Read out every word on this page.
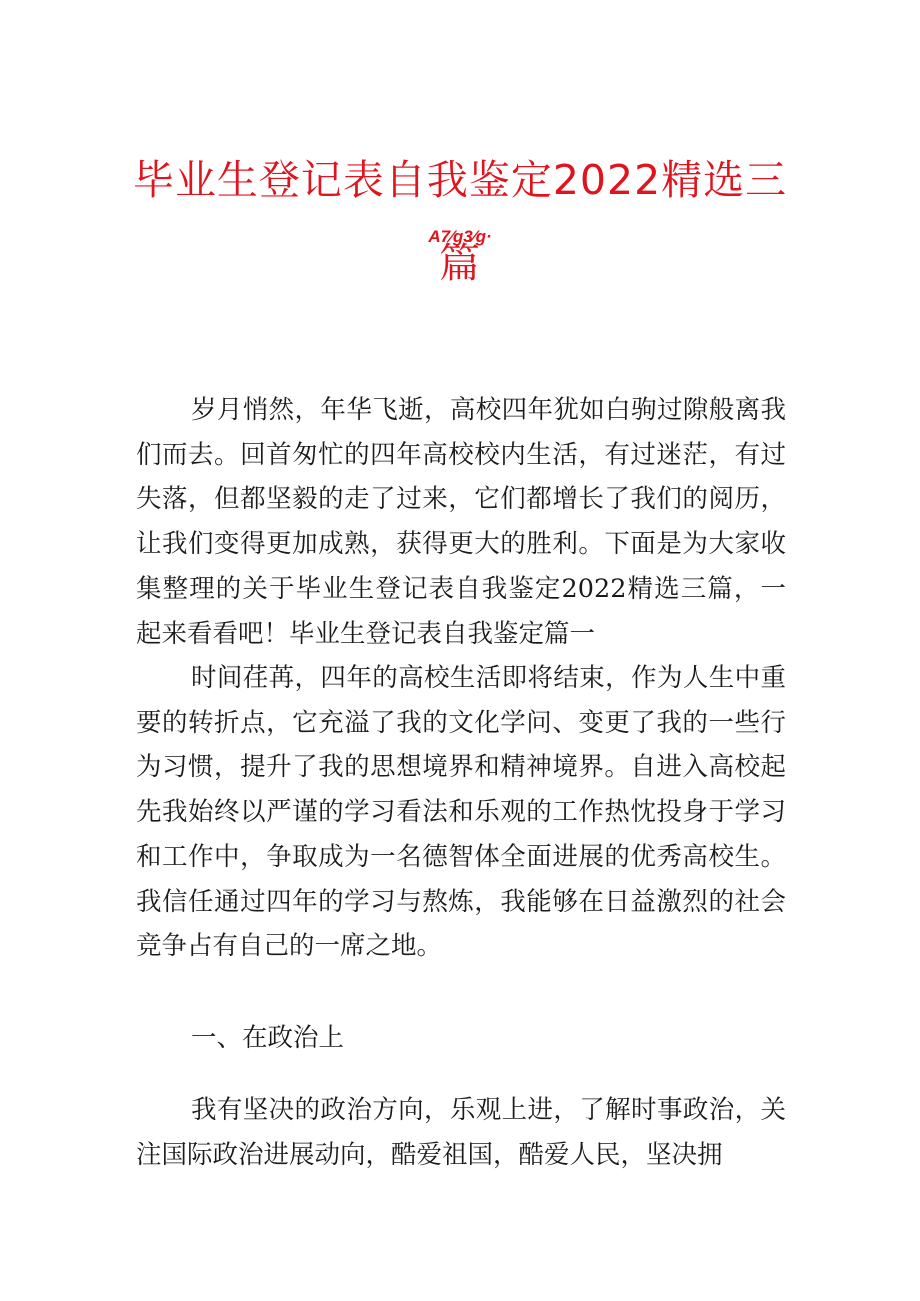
毕业生登记表自我鉴定2022精选三
A7⁄g3⁄g·
篇

岁月悄然，年华飞逝，高校四年犹如白驹过隙般离我们而去。回首匆忙的四年高校校内生活，有过迷茫，有过失落，但都坚毅的走了过来，它们都增长了我们的阅历，让我们变得更加成熟，获得更大的胜利。下面是为大家收集整理的关于毕业生登记表自我鉴定2022精选三篇，一起来看看吧！毕业生登记表自我鉴定篇一

时间荏苒，四年的高校生活即将结束，作为人生中重要的转折点，它充溢了我的文化学问、变更了我的一些行为习惯，提升了我的思想境界和精神境界。自进入高校起先我始终以严谨的学习看法和乐观的工作热忱投身于学习和工作中，争取成为一名德智体全面进展的优秀高校生。我信任通过四年的学习与熬炼，我能够在日益激烈的社会竞争占有自己的一席之地。

一、在政治上

我有坚决的政治方向，乐观上进，了解时事政治，关注国际政治进展动向，酷爱祖国，酷爱人民，坚决拥
